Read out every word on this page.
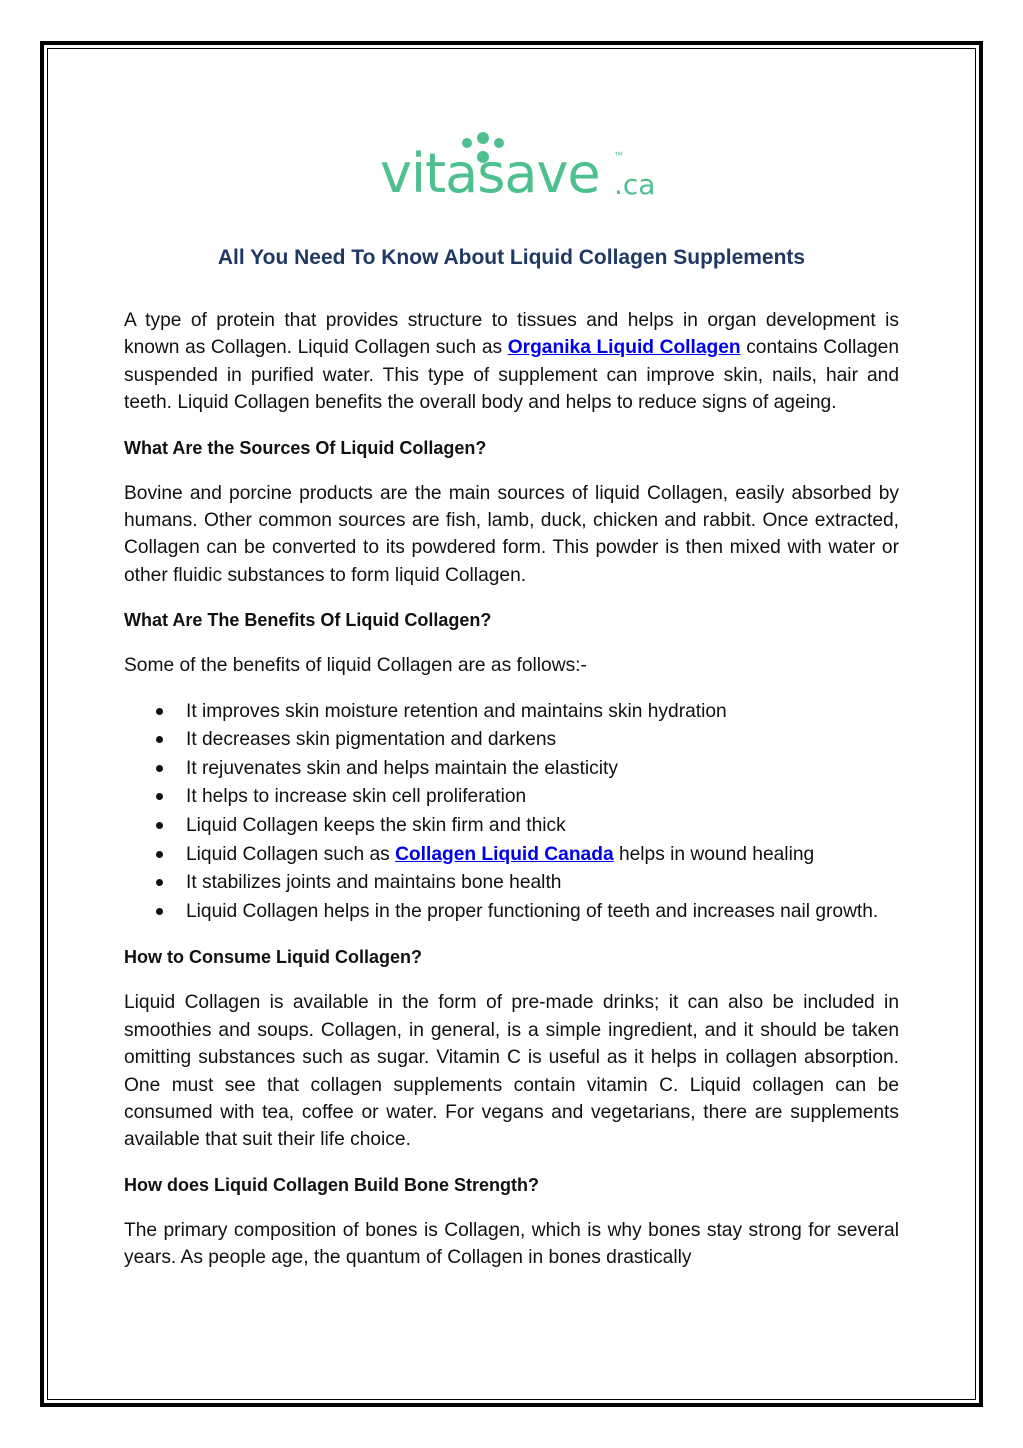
vitasave ™
.ca
All You Need To Know About Liquid Collagen Supplements

A type of protein that provides structure to tissues and helps in organ development is known as Collagen. Liquid Collagen such as Organika Liquid Collagen contains Collagen suspended in purified water. This type of supplement can improve skin, nails, hair and teeth. Liquid Collagen benefits the overall body and helps to reduce signs of ageing.

What Are the Sources Of Liquid Collagen?

Bovine and porcine products are the main sources of liquid Collagen, easily absorbed by humans. Other common sources are fish, lamb, duck, chicken and rabbit. Once extracted, Collagen can be converted to its powdered form. This powder is then mixed with water or other fluidic substances to form liquid Collagen.

What Are The Benefits Of Liquid Collagen?

Some of the benefits of liquid Collagen are as follows:-

It improves skin moisture retention and maintains skin hydration
It decreases skin pigmentation and darkens
It rejuvenates skin and helps maintain the elasticity
It helps to increase skin cell proliferation
Liquid Collagen keeps the skin firm and thick
Liquid Collagen such as Collagen Liquid Canada helps in wound healing
It stabilizes joints and maintains bone health
Liquid Collagen helps in the proper functioning of teeth and increases nail growth.
How to Consume Liquid Collagen?

Liquid Collagen is available in the form of pre-made drinks; it can also be included in smoothies and soups. Collagen, in general, is a simple ingredient, and it should be taken omitting substances such as sugar. Vitamin C is useful as it helps in collagen absorption. One must see that collagen supplements contain vitamin C. Liquid collagen can be consumed with tea, coffee or water. For vegans and vegetarians, there are supplements available that suit their life choice.

How does Liquid Collagen Build Bone Strength?

The primary composition of bones is Collagen, which is why bones stay strong for several years. As people age, the quantum of Collagen in bones drastically
